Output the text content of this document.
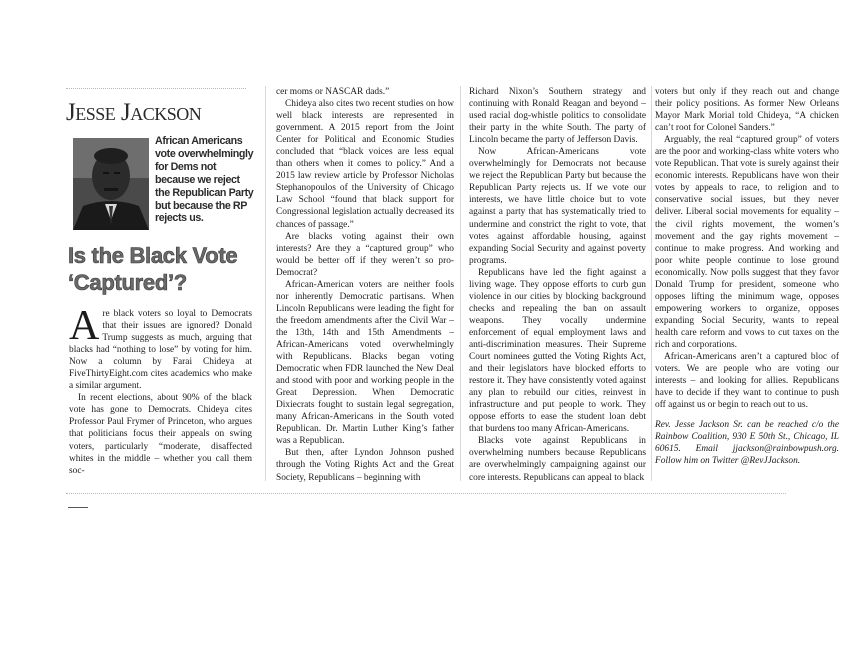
Jesse Jackson
African Americans vote overwhelmingly for Dems not because we reject the Republican Party but because the RP rejects us.
Is the Black Vote ‘Captured’?

Are black voters so loyal to Democrats that their issues are ignored? Donald Trump suggests as much, arguing that blacks had “nothing to lose” by voting for him. Now a column by Farai Chideya at FiveThirtyEight.com cites academics who make a similar argument.

In recent elections, about 90% of the black vote has gone to Democrats. Chideya cites Professor Paul Frymer of Princeton, who argues that politicians focus their appeals on swing voters, particularly “moderate, disaffected whites in the middle – whether you call them soc-

cer moms or NASCAR dads.”

Chideya also cites two recent studies on how well black interests are represented in government. A 2015 report from the Joint Center for Political and Economic Studies concluded that “black voices are less equal than others when it comes to policy.” And a 2015 law review article by Professor Nicholas Stephanopoulos of the University of Chicago Law School “found that black support for Congressional legislation actually decreased its chances of passage.”

Are blacks voting against their own interests? Are they a “captured group” who would be better off if they weren’t so pro-Democrat?

African-American voters are neither fools nor inherently Democratic partisans. When Lincoln Republicans were leading the fight for the freedom amendments after the Civil War – the 13th, 14th and 15th Amendments – African-Americans voted overwhelmingly with Republicans. Blacks began voting Democratic when FDR launched the New Deal and stood with poor and working people in the Great Depression. When Democratic Dixiecrats fought to sustain legal segregation, many African-Americans in the South voted Republican. Dr. Martin Luther King’s father was a Republican.

But then, after Lyndon Johnson pushed through the Voting Rights Act and the Great Society, Republicans – beginning with

Richard Nixon’s Southern strategy and continuing with Ronald Reagan and beyond – used racial dog-whistle politics to consolidate their party in the white South. The party of Lincoln became the party of Jefferson Davis.

Now African-Americans vote overwhelmingly for Democrats not because we reject the Republican Party but because the Republican Party rejects us. If we vote our interests, we have little choice but to vote against a party that has systematically tried to undermine and constrict the right to vote, that votes against affordable housing, against expanding Social Security and against poverty programs.

Republicans have led the fight against a living wage. They oppose efforts to curb gun violence in our cities by blocking background checks and repealing the ban on assault weapons. They vocally undermine enforcement of equal employment laws and anti-discrimination measures. Their Supreme Court nominees gutted the Voting Rights Act, and their legislators have blocked efforts to restore it. They have consistently voted against any plan to rebuild our cities, reinvest in infrastructure and put people to work. They oppose efforts to ease the student loan debt that burdens too many African-Americans.

Blacks vote against Republicans in overwhelming numbers because Republicans are overwhelmingly campaigning against our core interests. Republicans can appeal to black

voters but only if they reach out and change their policy positions. As former New Orleans Mayor Mark Morial told Chideya, “A chicken can’t root for Colonel Sanders.”

Arguably, the real “captured group” of voters are the poor and working-class white voters who vote Republican. That vote is surely against their economic interests. Republicans have won their votes by appeals to race, to religion and to conservative social issues, but they never deliver. Liberal social movements for equality – the civil rights movement, the women’s movement and the gay rights movement – continue to make progress. And working and poor white people continue to lose ground economically. Now polls suggest that they favor Donald Trump for president, someone who opposes lifting the minimum wage, opposes empowering workers to organize, opposes expanding Social Security, wants to repeal health care reform and vows to cut taxes on the rich and corporations.

African-Americans aren’t a captured bloc of voters. We are people who are voting our interests – and looking for allies. Republicans have to decide if they want to continue to push off against us or begin to reach out to us.

Rev. Jesse Jackson Sr. can be reached c/o the Rainbow Coalition, 930 E 50th St., Chicago, IL 60615. Email jjackson@rainbowpush.org. Follow him on Twitter @RevJJackson.
